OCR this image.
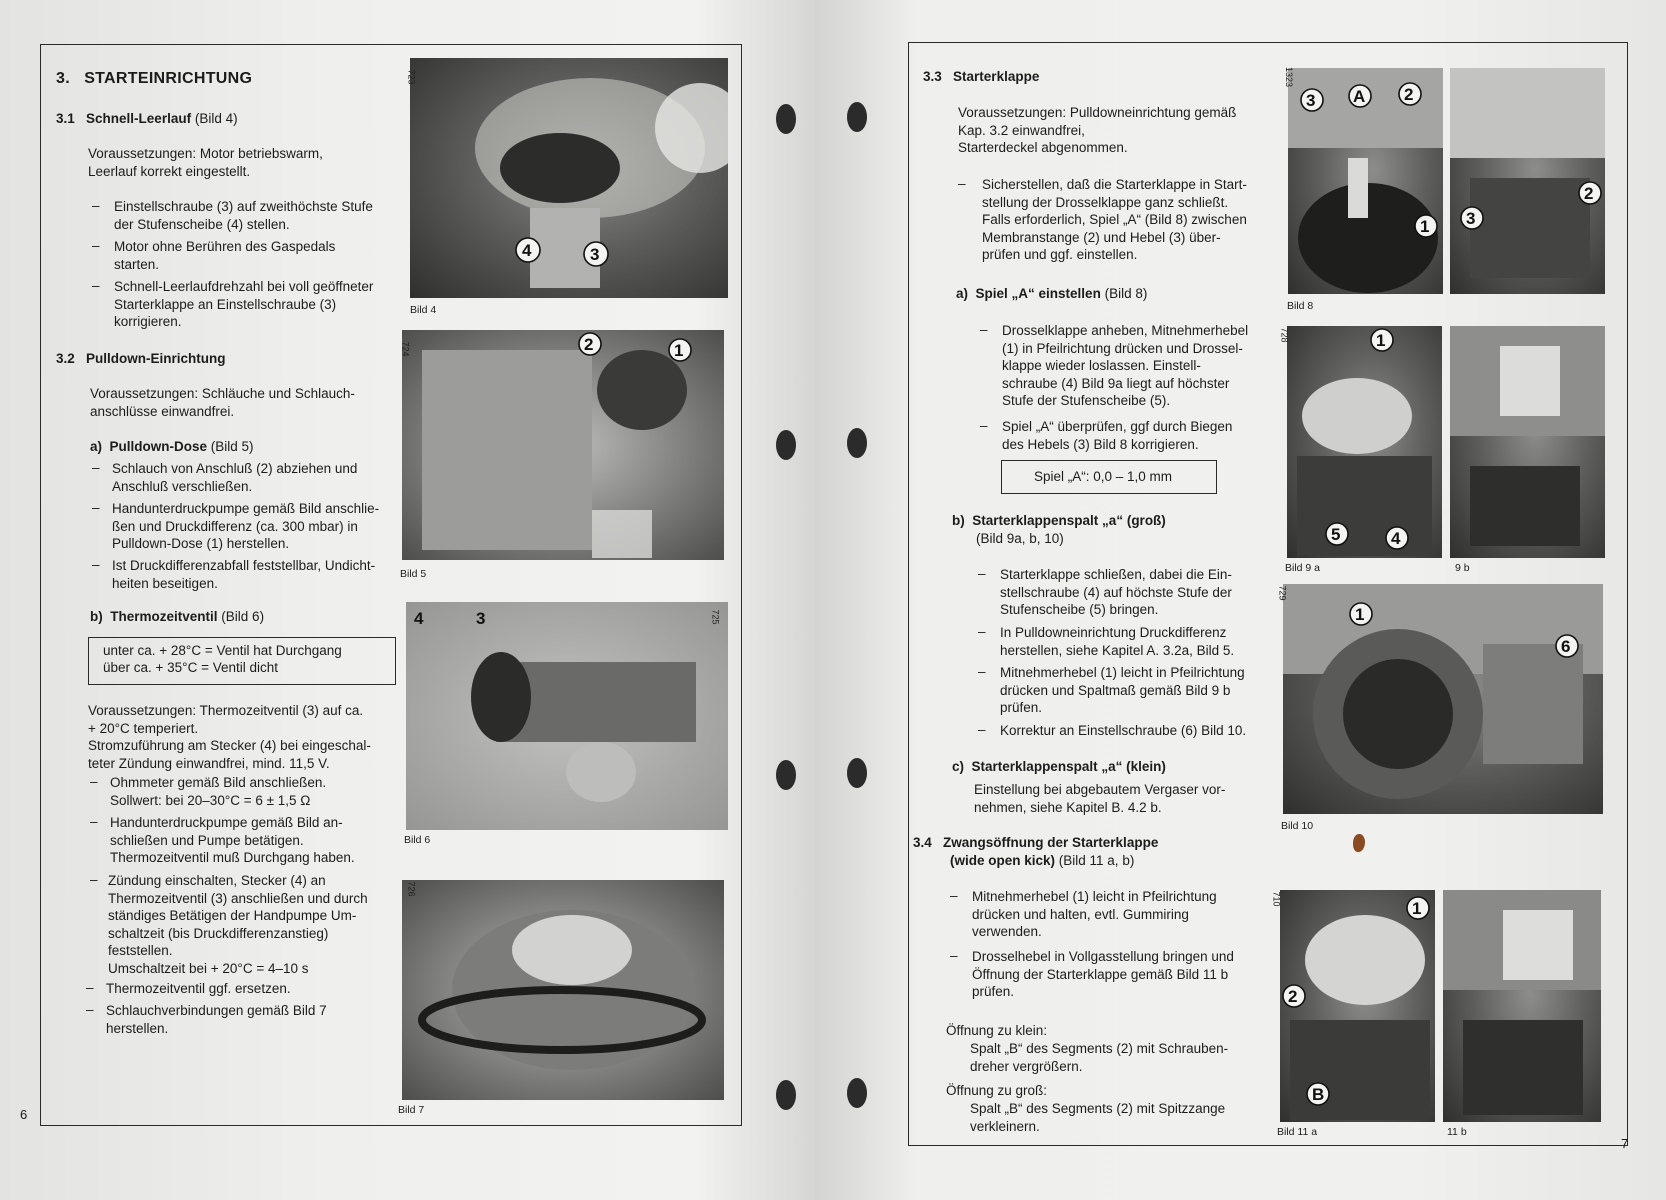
3. STARTEINRICHTUNG
3.1 Schnell-Leerlauf (Bild 4)
Voraussetzungen: Motor betriebswarm,
Leerlauf korrekt eingestellt.
– Einstellschraube (3) auf zweithöchste Stufe
der Stufenscheibe (4) stellen.
– Motor ohne Berühren des Gaspedals
starten.
– Schnell-Leerlaufdrehzahl bei voll geöffneter
Starterklappe an Einstellschraube (3)
korrigieren.
3.2 Pulldown-Einrichtung
Voraussetzungen: Schläuche und Schlauch-
anschlüsse einwandfrei.
a) Pulldown-Dose (Bild 5)
– Schlauch von Anschluß (2) abziehen und
Anschluß verschließen.
– Handunterdruckpumpe gemäß Bild anschlie-
ßen und Druckdifferenz (ca. 300 mbar) in
Pulldown-Dose (1) herstellen.
– Ist Druckdifferenzabfall feststellbar, Undicht-
heiten beseitigen.
b) Thermozeitventil (Bild 6)
unter ca. + 28°C = Ventil hat Durchgang
über ca. + 35°C = Ventil dicht
Voraussetzungen: Thermozeitventil (3) auf ca.
+ 20°C temperiert.
Stromzuführung am Stecker (4) bei eingeschal-
teter Zündung einwandfrei, mind. 11,5 V.
– Ohmmeter gemäß Bild anschließen.
Sollwert: bei 20–30°C = 6 ± 1,5 Ω
– Handunterdruckpumpe gemäß Bild an-
schließen und Pumpe betätigen.
Thermozeitventil muß Durchgang haben.
– Zündung einschalten, Stecker (4) an
Thermozeitventil (3) anschließen und durch
ständiges Betätigen der Handpumpe Um-
schaltzeit (bis Druckdifferenzanstieg)
feststellen.
Umschaltzeit bei + 20°C = 4–10 s
– Thermozeitventil ggf. ersetzen.
– Schlauchverbindungen gemäß Bild 7
herstellen.
6
4	3
723
Bild 4
2	1
724
Bild 5
4	3	725
Bild 6
726
Bild 7
3.3 Starterklappe
Voraussetzungen: Pulldowneinrichtung gemäß
Kap. 3.2 einwandfrei,
Starterdeckel abgenommen.
– Sicherstellen, daß die Starterklappe in Start-
stellung der Drosselklappe ganz schließt.
Falls erforderlich, Spiel „A“ (Bild 8) zwischen
Membranstange (2) und Hebel (3) über-
prüfen und ggf. einstellen.
a) Spiel „A“ einstellen (Bild 8)
– Drosselklappe anheben, Mitnehmerhebel
(1) in Pfeilrichtung drücken und Drossel-
klappe wieder loslassen. Einstell-
schraube (4) Bild 9a liegt auf höchster
Stufe der Stufenscheibe (5).
– Spiel „A“ überprüfen, ggf durch Biegen
des Hebels (3) Bild 8 korrigieren.
Spiel „A“: 0,0 – 1,0 mm
b) Starterklappenspalt „a“ (groß)
(Bild 9a, b, 10)
– Starterklappe schließen, dabei die Ein-
stellschraube (4) auf höchste Stufe der
Stufenscheibe (5) bringen.
– In Pulldowneinrichtung Druckdifferenz
herstellen, siehe Kapitel A. 3.2a, Bild 5.
– Mitnehmerhebel (1) leicht in Pfeilrichtung
drücken und Spaltmaß gemäß Bild 9 b
prüfen.
– Korrektur an Einstellschraube (6) Bild 10.
c) Starterklappenspalt „a“ (klein)
Einstellung bei abgebautem Vergaser vor-
nehmen, siehe Kapitel B. 4.2 b.
3.4 Zwangsöffnung der Starterklappe
(wide open kick) (Bild 11 a, b)
– Mitnehmerhebel (1) leicht in Pfeilrichtung
drücken und halten, evtl. Gummiring
verwenden.
– Drosselhebel in Vollgasstellung bringen und
Öffnung der Starterklappe gemäß Bild 11 b
prüfen.
Öffnung zu klein:
Spalt „B“ des Segments (2) mit Schrauben-
dreher vergrößern.
Öffnung zu groß:
Spalt „B“ des Segments (2) mit Spitzzange
verkleinern.
7
3 A 2
1
2
3
1323
Bild 8
1
5	4
728
Bild 9 a	9 b
1
6
729
Bild 10
1
2
B
710
Bild 11 a	11 b
